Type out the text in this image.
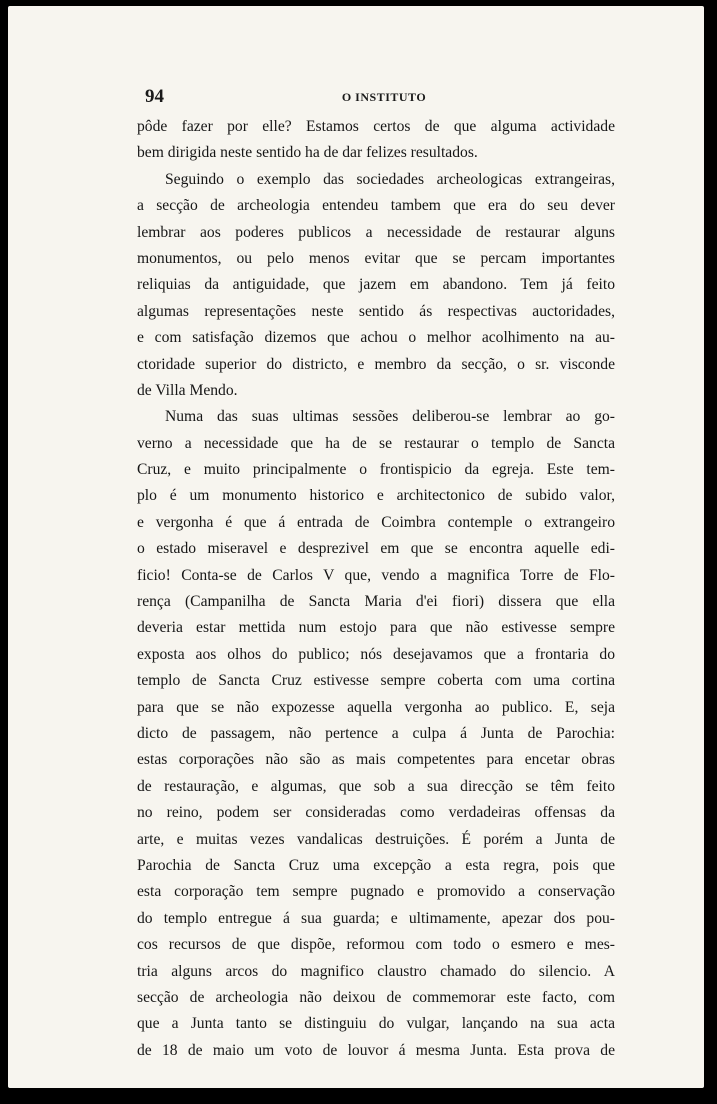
94	O INSTITUTO
pôde fazer por elle? Estamos certos de que alguma actividade
bem dirigida neste sentido ha de dar felizes resultados.
Seguindo o exemplo das sociedades archeologicas extrangeiras,
a secção de archeologia entendeu tambem que era do seu dever
lembrar aos poderes publicos a necessidade de restaurar alguns
monumentos, ou pelo menos evitar que se percam importantes
reliquias da antiguidade, que jazem em abandono. Tem já feito
algumas representações neste sentido ás respectivas auctoridades,
e com satisfação dizemos que achou o melhor acolhimento na au-
ctoridade superior do districto, e membro da secção, o sr. visconde
de Villa Mendo.
Numa das suas ultimas sessões deliberou-se lembrar ao go-
verno a necessidade que ha de se restaurar o templo de Sancta
Cruz, e muito principalmente o frontispicio da egreja. Este tem-
plo é um monumento historico e architectonico de subido valor,
e vergonha é que á entrada de Coimbra contemple o extrangeiro
o estado miseravel e desprezivel em que se encontra aquelle edi-
ficio! Conta-se de Carlos V que, vendo a magnifica Torre de Flo-
rença (Campanilha de Sancta Maria d'ei fiori) dissera que ella
deveria estar mettida num estojo para que não estivesse sempre
exposta aos olhos do publico; nós desejavamos que a frontaria do
templo de Sancta Cruz estivesse sempre coberta com uma cortina
para que se não expozesse aquella vergonha ao publico. E, seja
dicto de passagem, não pertence a culpa á Junta de Parochia:
estas corporações não são as mais competentes para encetar obras
de restauração, e algumas, que sob a sua direcção se têm feito
no reino, podem ser consideradas como verdadeiras offensas da
arte, e muitas vezes vandalicas destruições. É porém a Junta de
Parochia de Sancta Cruz uma excepção a esta regra, pois que
esta corporação tem sempre pugnado e promovido a conservação
do templo entregue á sua guarda; e ultimamente, apezar dos pou-
cos recursos de que dispõe, reformou com todo o esmero e mes-
tria alguns arcos do magnifico claustro chamado do silencio. A
secção de archeologia não deixou de commemorar este facto, com
que a Junta tanto se distinguiu do vulgar, lançando na sua acta
de 18 de maio um voto de louvor á mesma Junta. Esta prova de
